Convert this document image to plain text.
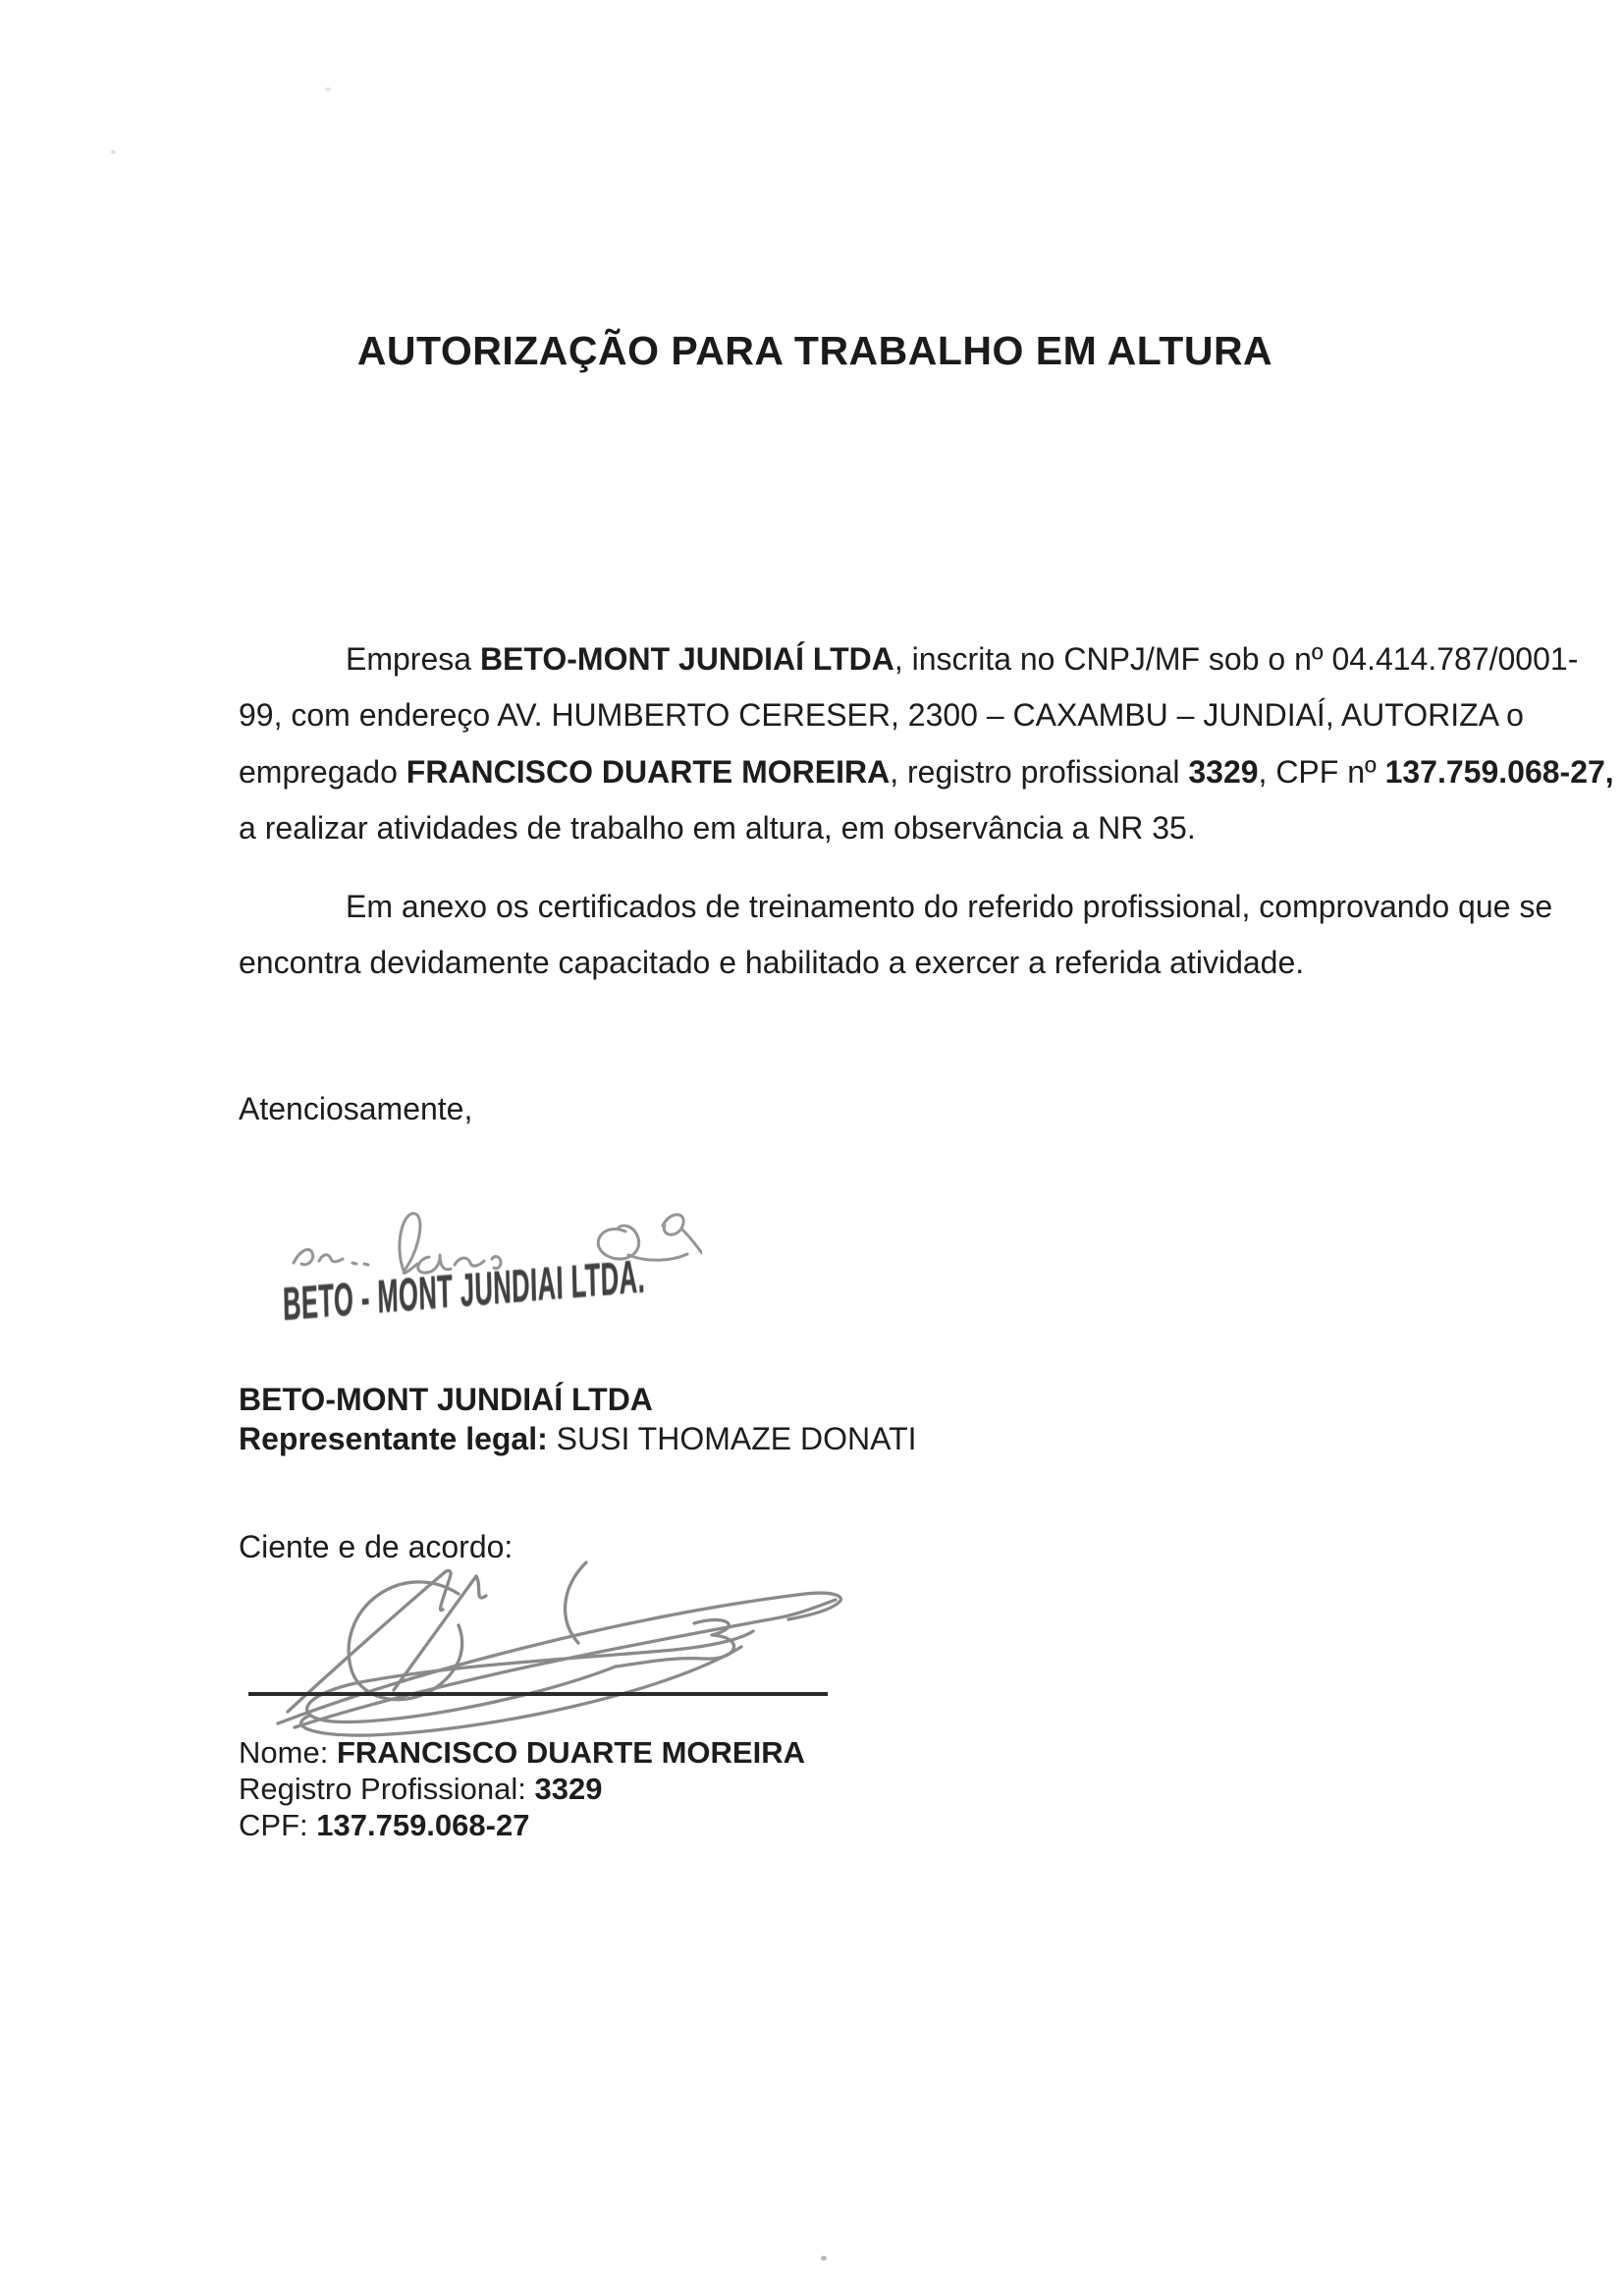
AUTORIZAÇÃO PARA TRABALHO EM ALTURA
Empresa BETO-MONT JUNDIAÍ LTDA, inscrita no CNPJ/MF sob o nº 04.414.787/0001-
99, com endereço AV. HUMBERTO CERESER, 2300 – CAXAMBU – JUNDIAÍ, AUTORIZA o
empregado FRANCISCO DUARTE MOREIRA, registro profissional 3329, CPF nº 137.759.068-27,
a realizar atividades de trabalho em altura, em observância a NR 35.
Em anexo os certificados de treinamento do referido profissional, comprovando que se
encontra devidamente capacitado e habilitado a exercer a referida atividade.
Atenciosamente,
BETO - MONT JUNDIAI LTDA.
BETO-MONT JUNDIAÍ LTDA
Representante legal: SUSI THOMAZE DONATI
Ciente e de acordo:
Nome: FRANCISCO DUARTE MOREIRA
Registro Profissional: 3329
CPF: 137.759.068-27
